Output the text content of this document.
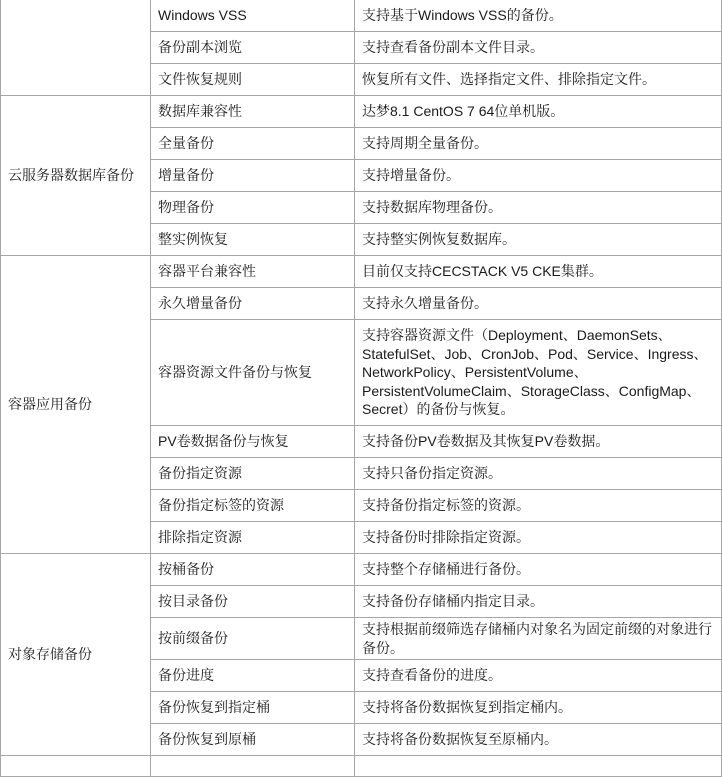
	Windows VSS	支持基于Windows VSS的备份。
	备份副本浏览	支持查看备份副本文件目录。
	文件恢复规则	恢复所有文件、选择指定文件、排除指定文件。
云服务器数据库备份	数据库兼容性	达梦8.1 CentOS 7 64位单机版。
	全量备份	支持周期全量备份。
	增量备份	支持增量备份。
	物理备份	支持数据库物理备份。
	整实例恢复	支持整实例恢复数据库。
容器应用备份	容器平台兼容性	目前仅支持CECSTACK V5 CKE集群。
	永久增量备份	支持永久增量备份。
	容器资源文件备份与恢复	支持容器资源文件（Deployment、DaemonSets、StatefulSet、Job、CronJob、Pod、Service、Ingress、NetworkPolicy、PersistentVolume、PersistentVolumeClaim、StorageClass、ConfigMap、Secret）的备份与恢复。
	PV卷数据备份与恢复	支持备份PV卷数据及其恢复PV卷数据。
	备份指定资源	支持只备份指定资源。
	备份指定标签的资源	支持备份指定标签的资源。
	排除指定资源	支持备份时排除指定资源。
对象存储备份	按桶备份	支持整个存储桶进行备份。
	按目录备份	支持备份存储桶内指定目录。
	按前缀备份	支持根据前缀筛选存储桶内对象名为固定前缀的对象进行备份。
	备份进度	支持查看备份的进度。
	备份恢复到指定桶	支持将备份数据恢复到指定桶内。
	备份恢复到原桶	支持将备份数据恢复至原桶内。
